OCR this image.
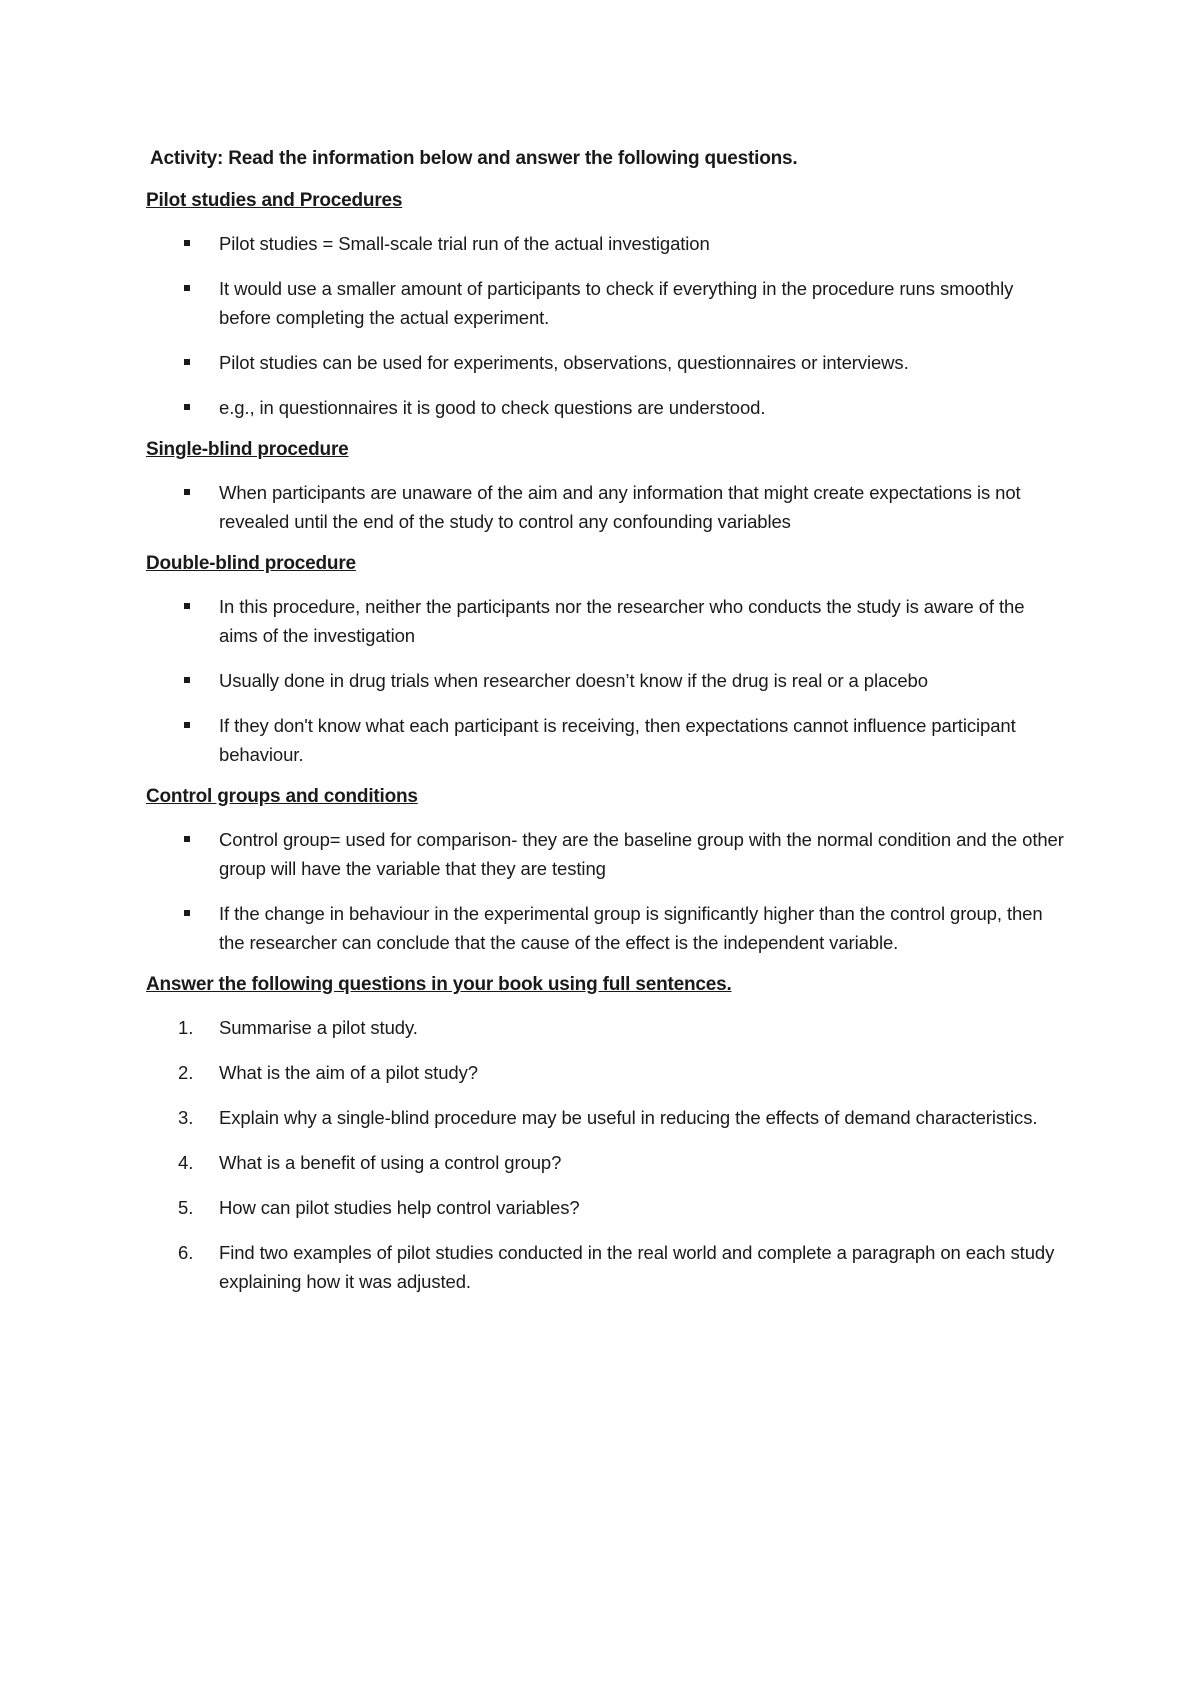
Activity: Read the information below and answer the following questions.
Pilot studies and Procedures
Pilot studies = Small-scale trial run of the actual investigation
It would use a smaller amount of participants to check if everything in the procedure runs smoothly before completing the actual experiment.
Pilot studies can be used for experiments, observations, questionnaires or interviews.
e.g., in questionnaires it is good to check questions are understood.
Single-blind procedure
When participants are unaware of the aim and any information that might create expectations is not revealed until the end of the study to control any confounding variables
Double-blind procedure
In this procedure, neither the participants nor the researcher who conducts the study is aware of the aims of the investigation
Usually done in drug trials when researcher doesn’t know if the drug is real or a placebo
If they don't know what each participant is receiving, then expectations cannot influence participant behaviour.
Control groups and conditions
Control group= used for comparison- they are the baseline group with the normal condition and the other group will have the variable that they are testing
If the change in behaviour in the experimental group is significantly higher than the control group, then the researcher can conclude that the cause of the effect is the independent variable.
Answer the following questions in your book using full sentences.
1. Summarise a pilot study.
2. What is the aim of a pilot study?
3. Explain why a single-blind procedure may be useful in reducing the effects of demand characteristics.
4. What is a benefit of using a control group?
5. How can pilot studies help control variables?
6. Find two examples of pilot studies conducted in the real world and complete a paragraph on each study explaining how it was adjusted.
